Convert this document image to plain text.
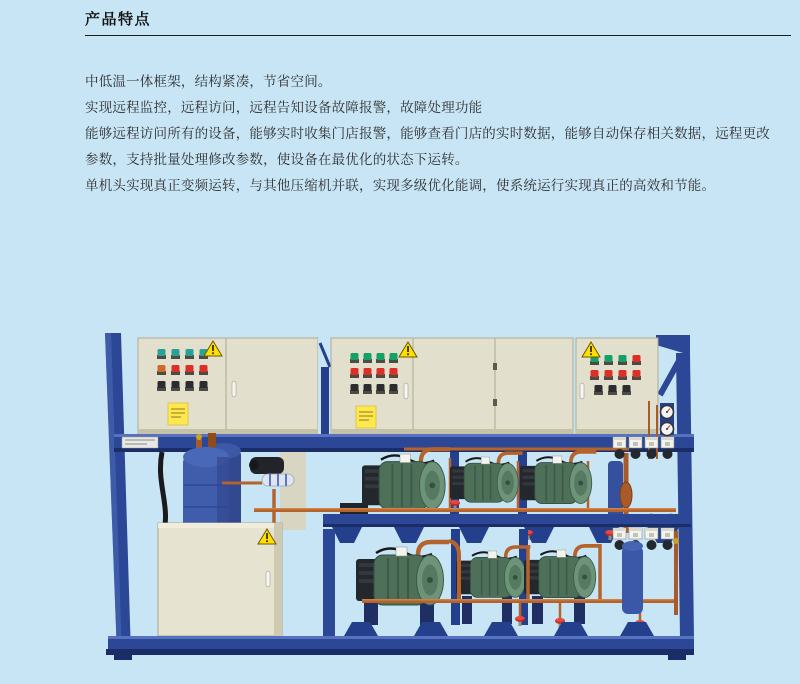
产品特点

中低温一体框架，结构紧凑，节省空间。

实现远程监控，远程访问，远程告知设备故障报警，故障处理功能

能够远程访问所有的设备，能够实时收集门店报警，能够查看门店的实时数据，能够自动保存相关数据，远程更改

参数，支持批量处理修改参数，使设备在最优化的状态下运转。

单机头实现真正变频运转，与其他压缩机并联，实现多级优化能调，使系统运行实现真正的高效和节能。
